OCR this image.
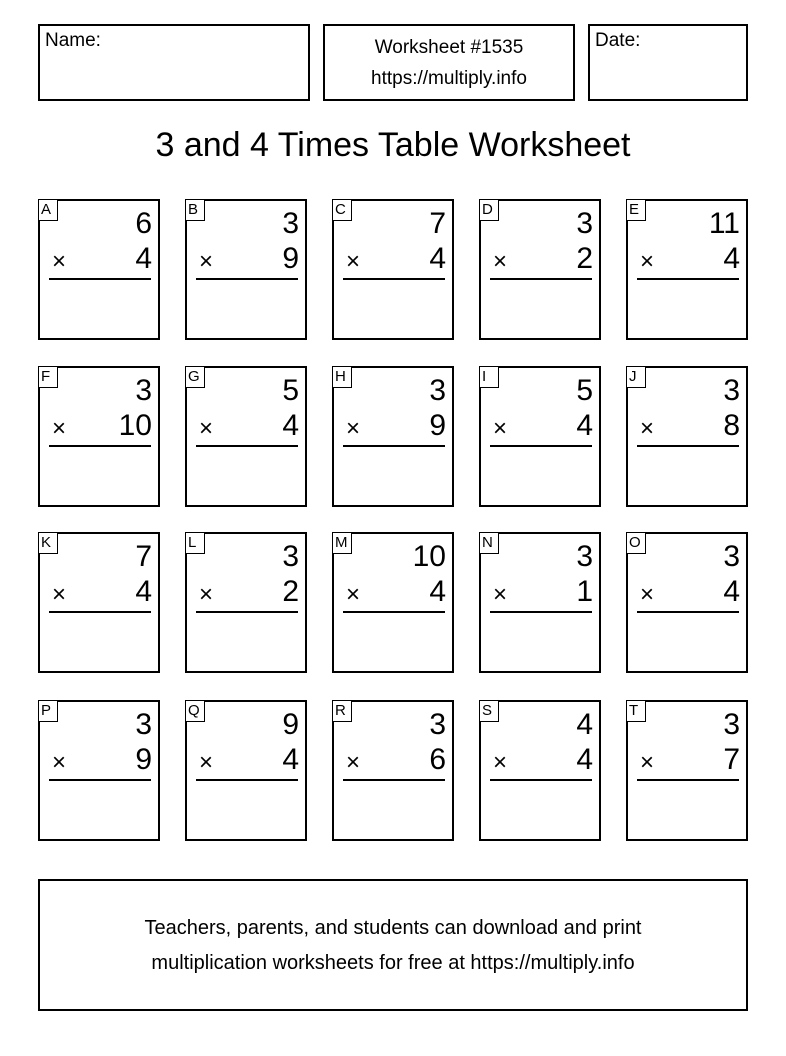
Name:	Worksheet #1535
https://multiply.info
Date:
3 and 4 Times Table Worksheet
A	6
× 4
B	3
× 9
C	7
× 4
D	3
× 2
E 11
× 4
F	3
× 10
G	5
× 4
H	3
× 9
I	5
× 4
J	3
× 8
K	7
× 4
L	3
× 2
M 10
× 4
N	3
× 1
O	3
× 4
P	3
× 9
Q	9
× 4
R	3
× 6
S	4
× 4
T	3
× 7
Teachers, parents, and students can download and print
multiplication worksheets for free at https://multiply.info
